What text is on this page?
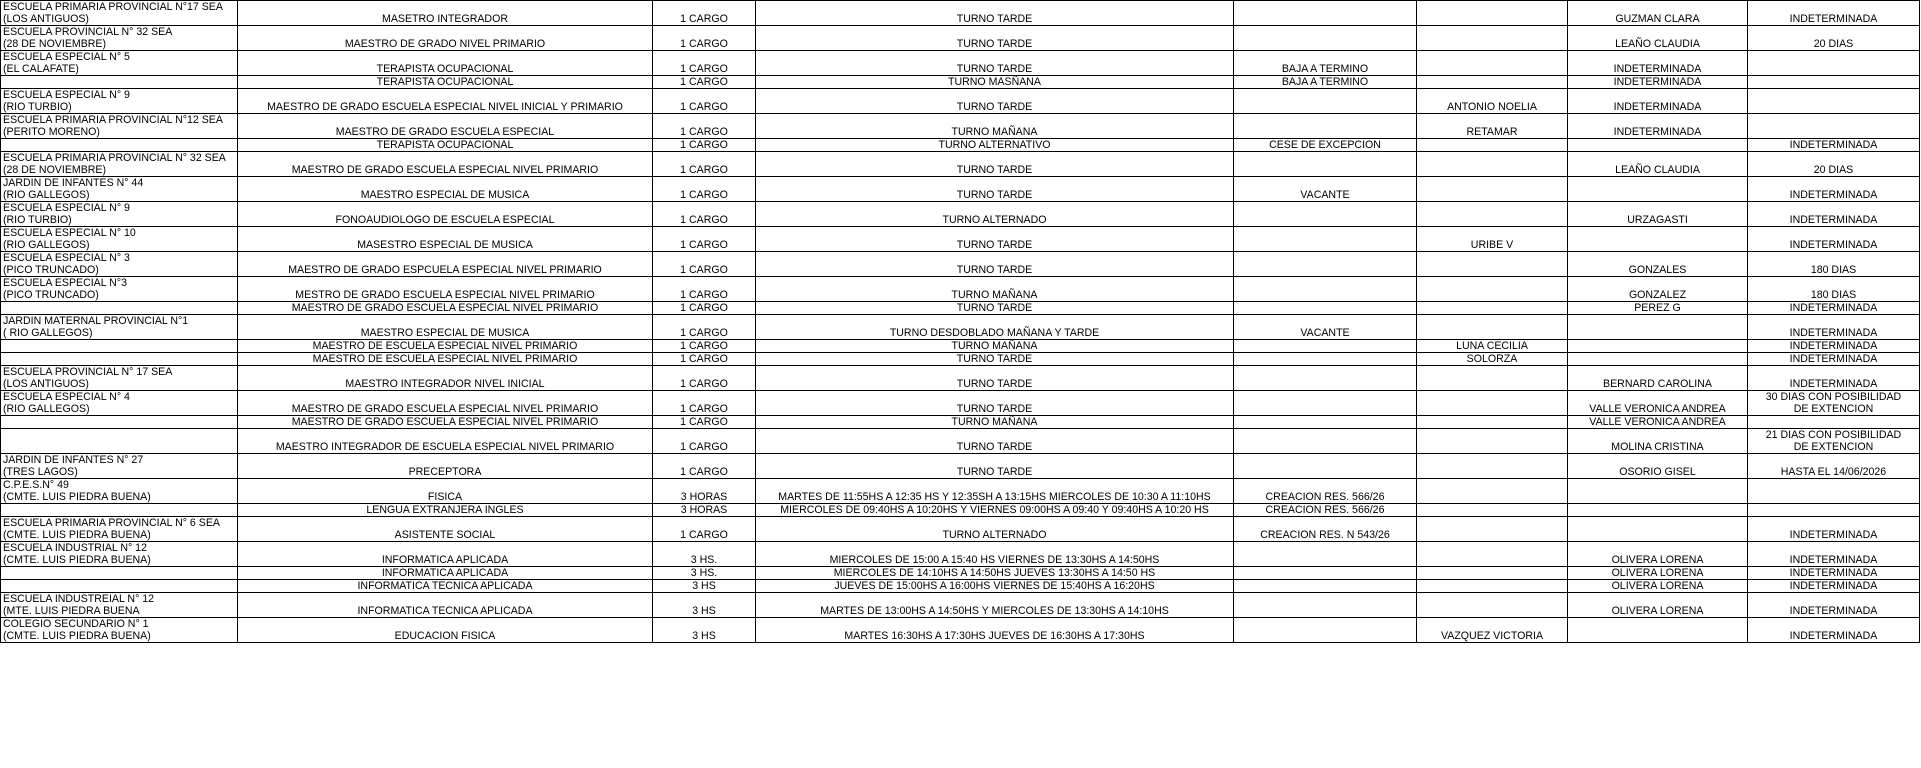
ESCUELA PRIMARIA PROVINCIAL N°17 SEA
(LOS ANTIGUOS)	MASETRO INTEGRADOR	1 CARGO	TURNO TARDE			GUZMAN CLARA	INDETERMINADA

ESCUELA PROVINCIAL N° 32 SEA
(28 DE NOVIEMBRE)	MAESTRO DE GRADO NIVEL PRIMARIO	1 CARGO	TURNO TARDE			LEAÑO CLAUDIA	20 DIAS

ESCUELA ESPECIAL N° 5
(EL CALAFATE)	TERAPISTA OCUPACIONAL	1 CARGO	TURNO TARDE	BAJA A TERMINO		INDETERMINADA	
	TERAPISTA OCUPACIONAL	1 CARGO	TURNO MASÑANA	BAJA A TERMINO		INDETERMINADA	

ESCUELA ESPECIAL N° 9
(RIO TURBIO)	MAESTRO DE GRADO ESCUELA ESPECIAL NIVEL INICIAL Y PRIMARIO	1 CARGO	TURNO TARDE		ANTONIO NOELIA	INDETERMINADA	

ESCUELA PRIMARIA PROVINCIAL N°12 SEA
(PERITO MORENO)	MAESTRO DE GRADO ESCUELA ESPECIAL	1 CARGO	TURNO MAÑANA		RETAMAR	INDETERMINADA	
	TERAPISTA OCUPACIONAL	1 CARGO	TURNO ALTERNATIVO	CESE DE EXCEPCION			INDETERMINADA

ESCUELA PRIMARIA PROVINCIAL N° 32 SEA
(28 DE NOVIEMBRE)	MAESTRO DE GRADO ESCUELA ESPECIAL NIVEL PRIMARIO	1 CARGO	TURNO TARDE			LEAÑO CLAUDIA	20 DIAS

JARDIN DE INFANTES N° 44
(RIO GALLEGOS)	MAESTRO ESPECIAL DE MUSICA	1 CARGO	TURNO TARDE	VACANTE			INDETERMINADA

ESCUELA ESPECIAL N° 9
(RIO TURBIO)	FONOAUDIOLOGO DE ESCUELA ESPECIAL	1 CARGO	TURNO ALTERNADO			URZAGASTI	INDETERMINADA

ESCUELA ESPECIAL N° 10
(RIO GALLEGOS)	MASESTRO ESPECIAL DE MUSICA	1 CARGO	TURNO TARDE		URIBE V		INDETERMINADA

ESCUELA ESPECIAL N° 3
(PICO TRUNCADO)	MAESTRO DE GRADO ESPCUELA ESPECIAL NIVEL PRIMARIO	1 CARGO	TURNO TARDE			GONZALES	180 DIAS

ESCUELA ESPECIAL N°3
(PICO TRUNCADO)	MESTRO DE GRADO ESCUELA ESPECIAL NIVEL PRIMARIO	1 CARGO	TURNO MAÑANA			GONZALEZ	180 DIAS

	MAESTRO DE GRADO ESCUELA ESPECIAL NIVEL PRIMARIO	1 CARGO	TURNO TARDE			PEREZ G	INDETERMINADA

JARDIN MATERNAL PROVINCIAL N°1
( RIO GALLEGOS)	MAESTRO ESPECIAL DE MUSICA	1 CARGO	TURNO DESDOBLADO MAÑANA Y TARDE	VACANTE			INDETERMINADA

	MAESTRO DE ESCUELA ESPECIAL NIVEL PRIMARIO	1 CARGO	TURNO MAÑANA		LUNA CECILIA		INDETERMINADA

	MAESTRO DE ESCUELA ESPECIAL NIVEL PRIMARIO	1 CARGO	TURNO TARDE		SOLORZA		INDETERMINADA

ESCUELA PROVINCIAL N° 17 SEA
(LOS ANTIGUOS)	MAESTRO INTEGRADOR NIVEL INICIAL	1 CARGO	TURNO TARDE			BERNARD CAROLINA	INDETERMINADA

ESCUELA ESPECIAL N° 4
(RIO GALLEGOS)	MAESTRO DE GRADO ESCUELA ESPECIAL NIVEL PRIMARIO	1 CARGO	TURNO TARDE			VALLE VERONICA ANDREA	30 DIAS CON POSIBILIDAD
DE EXTENCION

	MAESTRO DE GRADO ESCUELA ESPECIAL NIVEL PRIMARIO	1 CARGO	TURNO MAÑANA			VALLE VERONICA ANDREA	
	MAESTRO INTEGRADOR DE ESCUELA ESPECIAL NIVEL PRIMARIO	1 CARGO	TURNO TARDE			MOLINA CRISTINA	21 DIAS CON POSIBILIDAD
DE EXTENCION

JARDIN DE INFANTES N° 27
(TRES LAGOS)	PRECEPTORA	1 CARGO	TURNO TARDE			OSORIO GISEL	HASTA EL 14/06/2026

C.P.E.S.N° 49
(CMTE. LUIS PIEDRA BUENA)	FISICA	3 HORAS	MARTES DE 11:55HS A 12:35 HS Y 12:35SH A 13:15HS MIERCOLES DE 10:30 A 11:10HS	CREACION RES. 566/26			
	LENGUA EXTRANJERA INGLES	3 HORAS	MIERCOLES DE 09:40HS A 10:20HS Y VIERNES 09:00HS A 09:40 Y 09:40HS A 10:20 HS	CREACION RES. 566/26			

ESCUELA PRIMARIA PROVINCIAL N° 6 SEA
(CMTE. LUIS PIEDRA BUENA)	ASISTENTE SOCIAL	1 CARGO	TURNO ALTERNADO	CREACION RES. N 543/26			INDETERMINADA

ESCUELA INDUSTRIAL N° 12
(CMTE. LUIS PIEDRA BUENA)	INFORMATICA APLICADA	3 HS.	MIERCOLES DE 15:00 A 15:40 HS VIERNES DE 13:30HS A 14:50HS			OLIVERA LORENA	INDETERMINADA

	INFORMATICA APLICADA	3 HS.	MIERCOLES DE 14:10HS A 14:50HS JUEVES 13:30HS A 14:50 HS			OLIVERA LORENA	INDETERMINADA

	INFORMATICA TECNICA APLICADA	3 HS	JUEVES DE 15:00HS A 16:00HS VIERNES DE 15:40HS A 16:20HS			OLIVERA LORENA	INDETERMINADA

ESCUELA INDUSTREIAL N° 12
(MTE. LUIS PIEDRA BUENA	INFORMATICA TECNICA APLICADA	3 HS	MARTES DE 13:00HS A 14:50HS Y MIERCOLES DE 13:30HS A 14:10HS			OLIVERA LORENA	INDETERMINADA

COLEGIO SECUNDARIO N° 1
(CMTE. LUIS PIEDRA BUENA)	EDUCACION FISICA	3 HS	MARTES 16:30HS A 17:30HS JUEVES DE 16:30HS A 17:30HS		VAZQUEZ VICTORIA		INDETERMINADA
